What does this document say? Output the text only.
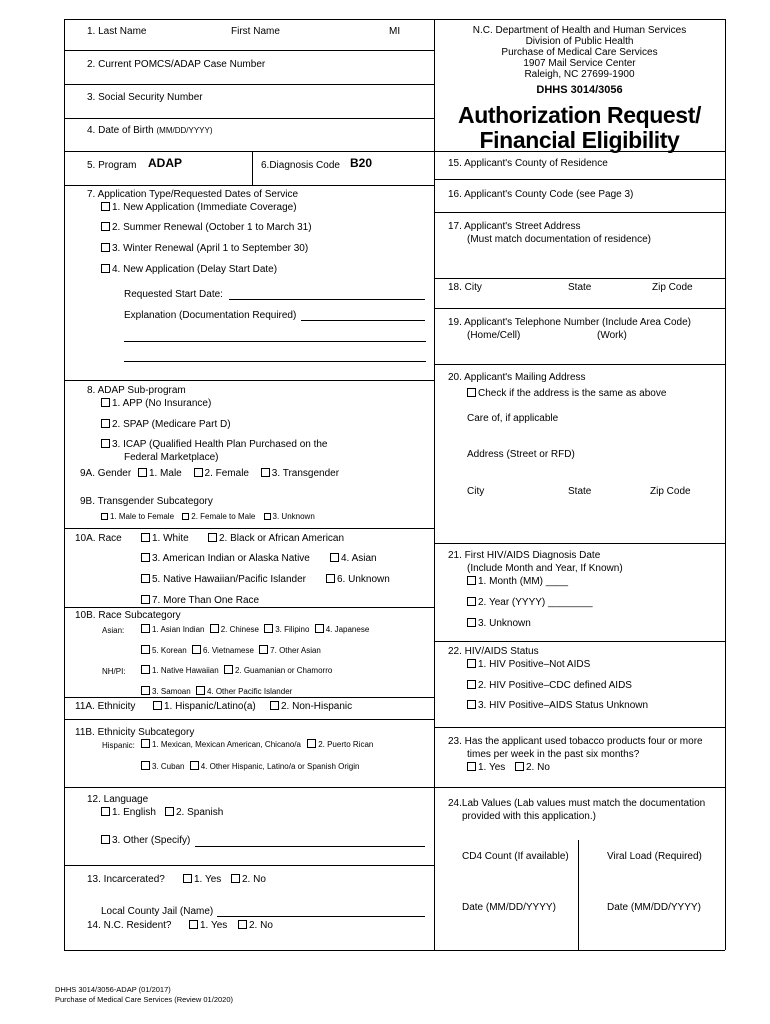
N.C. Department of Health and Human Services
Division of Public Health
Purchase of Medical Care Services
1907 Mail Service Center
Raleigh, NC 27699-1900
DHHS 3014/3056
Authorization Request/
Financial Eligibility
1. Last Name	First Name	MI
2. Current POMCS/ADAP Case Number
3. Social Security Number
4. Date of Birth (MM/DD/YYYY)
5. Program ADAP	6.Diagnosis Code B20
7. Application Type/Requested Dates of Service
1. New Application (Immediate Coverage)
2. Summer Renewal (October 1 to March 31)
3. Winter Renewal (April 1 to September 30)
4. New Application (Delay Start Date)
Requested Start Date:
Explanation (Documentation Required)
8. ADAP Sub-program
1. APP (No Insurance)
2. SPAP (Medicare Part D)
3. ICAP (Qualified Health Plan Purchased on the
Federal Marketplace)
9A. Gender 1. Male 2. Female 3. Transgender
9B. Transgender Subcategory
1. Male to Female 2. Female to Male 3. Unknown
10A. Race	1. White	2. Black or African American
3. American Indian or Alaska Native	4. Asian
5. Native Hawaiian/Pacific Islander	6. Unknown
7. More Than One Race
10B. Race Subcategory
Asian:	1. Asian Indian 2. Chinese 3. Filipino 4. Japanese
5. Korean 6. Vietnamese 7. Other Asian
NH/PI:	1. Native Hawaiian 2. Guamanian or Chamorro
3. Samoan 4. Other Pacific Islander
11A. Ethnicity	1. Hispanic/Latino(a)	2. Non-Hispanic
11B. Ethnicity Subcategory
Hispanic:	1. Mexican, Mexican American, Chicano/a 2. Puerto Rican
3. Cuban 4. Other Hispanic, Latino/a or Spanish Origin
12. Language
1. English	2. Spanish
3. Other (Specify)
13. Incarcerated?	1. Yes	2. No
Local County Jail (Name)
14. N.C. Resident?	1. Yes	2. No
15. Applicant's County of Residence
16. Applicant's County Code (see Page 3)
17. Applicant's Street Address
(Must match documentation of residence)
18. City	State	Zip Code
19. Applicant's Telephone Number (Include Area Code)
(Home/Cell)	(Work)
20. Applicant's Mailing Address
Check if the address is the same as above
Care of, if applicable
Address (Street or RFD)
City	State	Zip Code
21. First HIV/AIDS Diagnosis Date
(Include Month and Year, If Known)
1. Month (MM) ____
2. Year (YYYY) ________
3. Unknown
22. HIV/AIDS Status
1. HIV Positive–Not AIDS
2. HIV Positive–CDC defined AIDS
3. HIV Positive–AIDS Status Unknown
23. Has the applicant used tobacco products four or more
times per week in the past six months?
1. Yes	2. No
24.Lab Values (Lab values must match the documentation
provided with this application.)
CD4 Count (If available)	Viral Load (Required)
Date (MM/DD/YYYY)	Date (MM/DD/YYYY)
DHHS 3014/3056-ADAP (01/2017)
Purchase of Medical Care Services (Review 01/2020)
